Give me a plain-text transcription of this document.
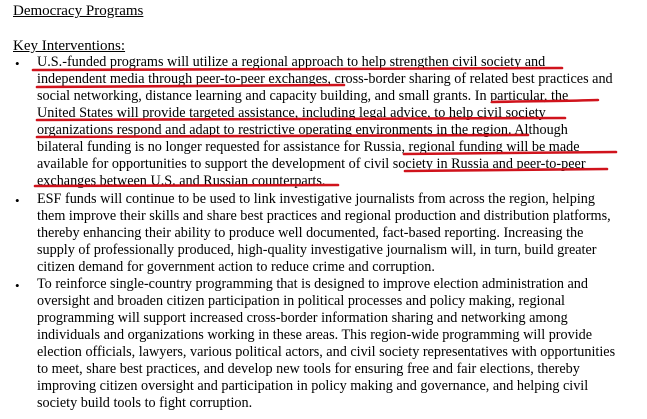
Democracy Programs
Key Interventions:
• U.S.-funded programs will utilize a regional approach to help strengthen civil society and
independent media through peer-to-peer exchanges, cross-border sharing of related best practices and
social networking, distance learning and capacity building, and small grants. In particular, the
United States will provide targeted assistance, including legal advice, to help civil society
organizations respond and adapt to restrictive operating environments in the region. Although
bilateral funding is no longer requested for assistance for Russia, regional funding will be made
available for opportunities to support the development of civil society in Russia and peer-to-peer
exchanges between U.S. and Russian counterparts.
• ESF funds will continue to be used to link investigative journalists from across the region, helping
them improve their skills and share best practices and regional production and distribution platforms,
thereby enhancing their ability to produce well documented, fact-based reporting. Increasing the
supply of professionally produced, high-quality investigative journalism will, in turn, build greater
citizen demand for government action to reduce crime and corruption.
• To reinforce single-country programming that is designed to improve election administration and
oversight and broaden citizen participation in political processes and policy making, regional
programming will support increased cross-border information sharing and networking among
individuals and organizations working in these areas. This region-wide programming will provide
election officials, lawyers, various political actors, and civil society representatives with opportunities
to meet, share best practices, and develop new tools for ensuring free and fair elections, thereby
improving citizen oversight and participation in policy making and governance, and helping civil
society build tools to fight corruption.
